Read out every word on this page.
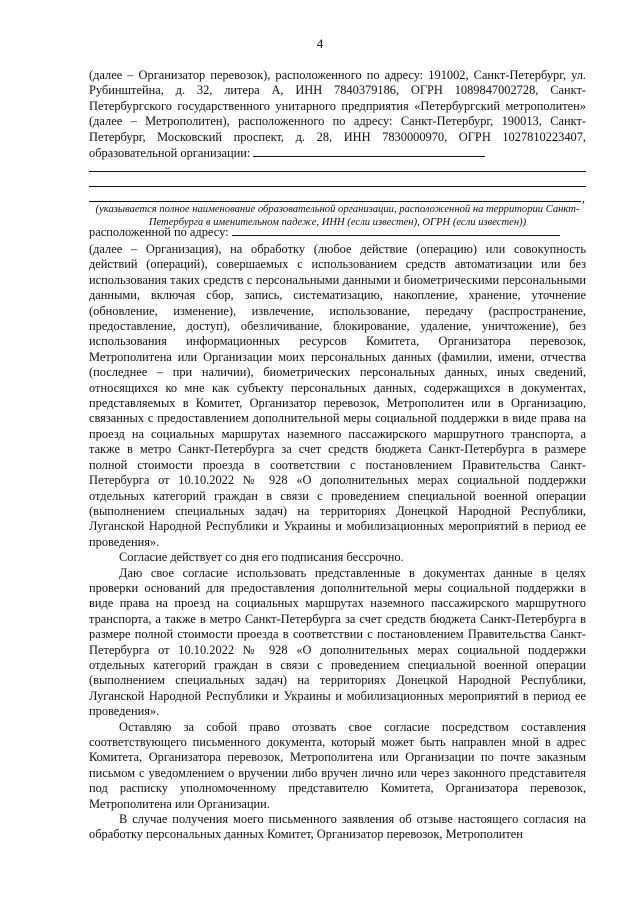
4

(далее – Организатор перевозок), расположенного по адресу: 191002, Санкт-Петербург, ул. Рубинштейна, д. 32, литера А, ИНН 7840379186, ОГРН 1089847002728, Санкт-Петербургского государственного унитарного предприятия «Петербургский метрополитен» (далее – Метрополитен), расположенного по адресу: Санкт-Петербург, 190013, Санкт-Петербург, Московский проспект, д. 28, ИНН 7830000970, ОГРН 1027810223407, образовательной организации:

,
(указывается полное наименование образовательной организации, расположенной на территории Санкт-Петербурга в именительном падеже, ИНН (если известен), ОГРН (если известен))

расположенной по адресу:

(далее – Организация), на обработку (любое действие (операцию) или совокупность действий (операций), совершаемых с использованием средств автоматизации или без использования таких средств с персональными данными и биометрическими персональными данными, включая сбор, запись, систематизацию, накопление, хранение, уточнение (обновление, изменение), извлечение, использование, передачу (распространение, предоставление, доступ), обезличивание, блокирование, удаление, уничтожение), без использования информационных ресурсов Комитета, Организатора перевозок, Метрополитена или Организации моих персональных данных (фамилии, имени, отчества (последнее – при наличии), биометрических персональных данных, иных сведений, относящихся ко мне как субъекту персональных данных, содержащихся в документах, представляемых в Комитет, Организатор перевозок, Метрополитен или в Организацию, связанных с предоставлением дополнительной меры социальной поддержки в виде права на проезд на социальных маршрутах наземного пассажирского маршрутного транспорта, а также в метро Санкт-Петербурга за счет средств бюджета Санкт-Петербурга в размере полной стоимости проезда в соответствии с постановлением Правительства Санкт-Петербурга от 10.10.2022 № 928 «О дополнительных мерах социальной поддержки отдельных категорий граждан в связи с проведением специальной военной операции (выполнением специальных задач) на территориях Донецкой Народной Республики, Луганской Народной Республики и Украины и мобилизационных мероприятий в период ее проведения».

Согласие действует со дня его подписания бессрочно.

Даю свое согласие использовать представленные в документах данные в целях проверки оснований для предоставления дополнительной меры социальной поддержки в виде права на проезд на социальных маршрутах наземного пассажирского маршрутного транспорта, а также в метро Санкт-Петербурга за счет средств бюджета Санкт-Петербурга в размере полной стоимости проезда в соответствии с постановлением Правительства Санкт-Петербурга от 10.10.2022 № 928 «О дополнительных мерах социальной поддержки отдельных категорий граждан в связи с проведением специальной военной операции (выполнением специальных задач) на территориях Донецкой Народной Республики, Луганской Народной Республики и Украины и мобилизационных мероприятий в период ее проведения».

Оставляю за собой право отозвать свое согласие посредством составления соответствующего письменного документа, который может быть направлен мной в адрес Комитета, Организатора перевозок, Метрополитена или Организации по почте заказным письмом с уведомлением о вручении либо вручен лично или через законного представителя под расписку уполномоченному представителю Комитета, Организатора перевозок, Метрополитена или Организации.

В случае получения моего письменного заявления об отзыве настоящего согласия на обработку персональных данных Комитет, Организатор перевозок, Метрополитен
